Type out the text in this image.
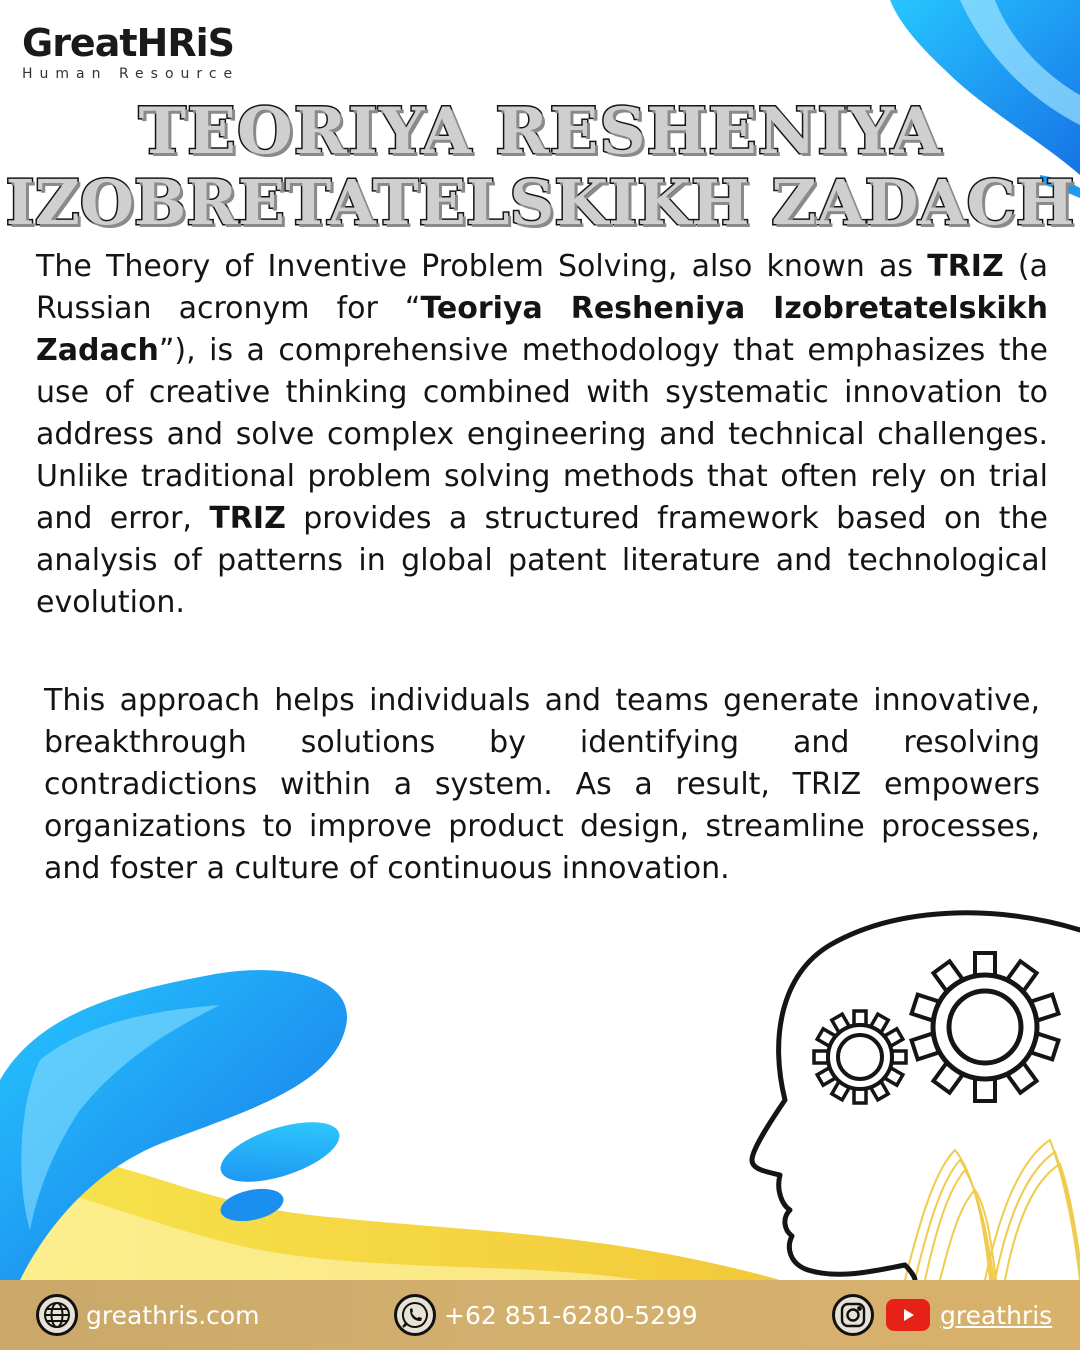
GreatHRiS
Human Resource
TEORIYA RESHENIYA
IZOBRETATELSKIKH ZADACH

The Theory of Inventive Problem Solving, also known as TRIZ (a Russian acronym for “Teoriya Resheniya Izobretatelskikh Zadach”), is a comprehensive methodology that emphasizes the use of creative thinking combined with systematic innovation to address and solve complex engineering and technical challenges. Unlike traditional problem solving methods that often rely on trial and error, TRIZ provides a structured framework based on the analysis of patterns in global patent literature and technological evolution.

This approach helps individuals and teams generate innovative, breakthrough solutions by identifying and resolving contradictions within a system. As a result, TRIZ empowers organizations to improve product design, streamline processes, and foster a culture of continuous innovation.

greathris.com	+62 851-6280-5299	greathris
